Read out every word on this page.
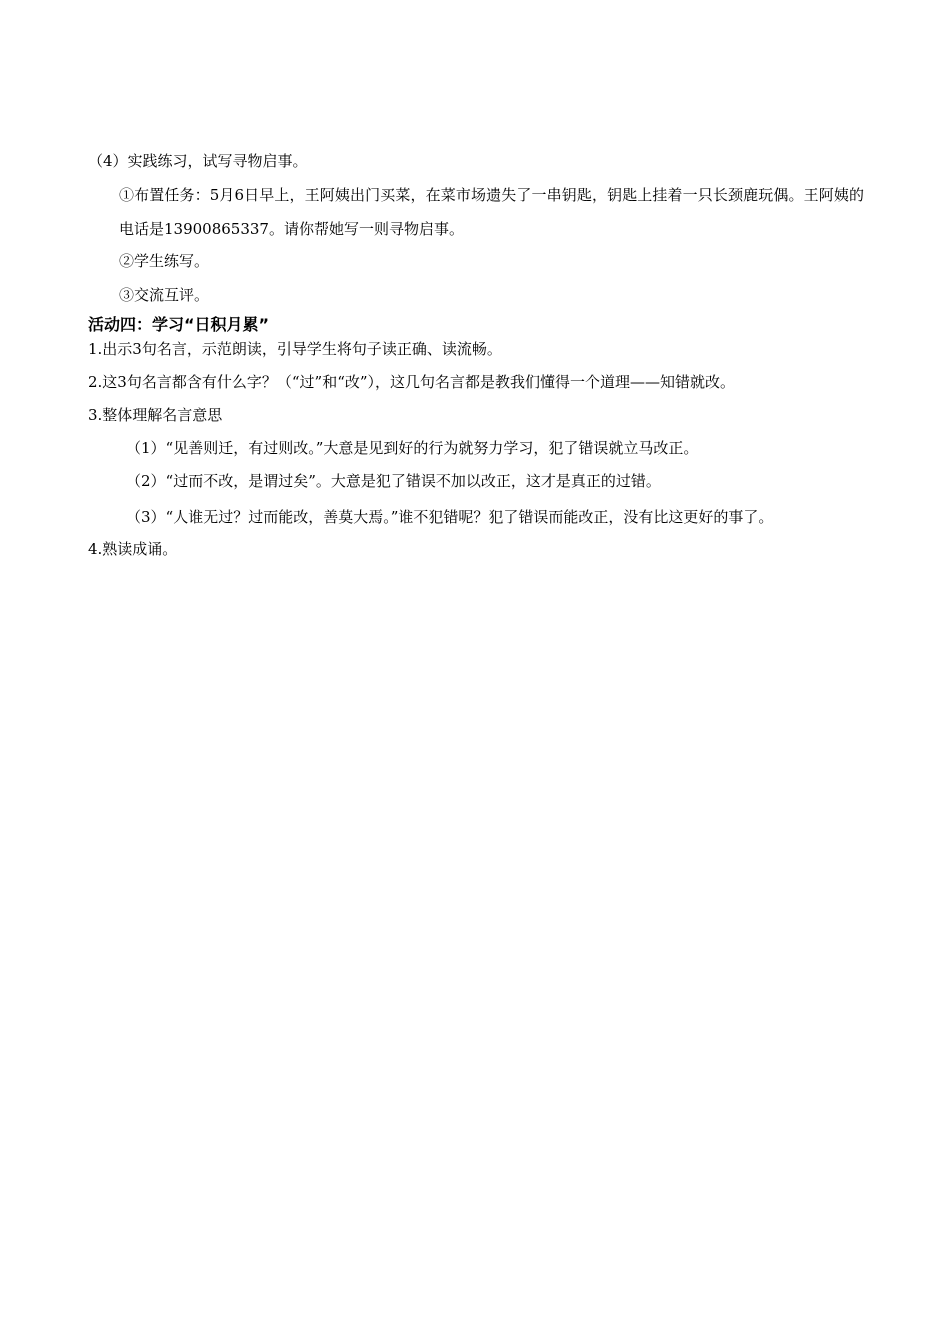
（4）实践练习，试写寻物启事。
①布置任务：5月6日早上，王阿姨出门买菜，在菜市场遗失了一串钥匙，钥匙上挂着一只长颈鹿玩偶。王阿姨的电话是13900865337。请你帮她写一则寻物启事。
②学生练写。
③交流互评。
活动四：学习“日积月累”
1.出示3句名言，示范朗读，引导学生将句子读正确、读流畅。
2.这3句名言都含有什么字？（“过”和“改”），这几句名言都是教我们懂得一个道理——知错就改。
3.整体理解名言意思
（1）“见善则迁，有过则改。”大意是见到好的行为就努力学习，犯了错误就立马改正。
（2）“过而不改，是谓过矣”。大意是犯了错误不加以改正，这才是真正的过错。
（3）“人谁无过？过而能改，善莫大焉。”谁不犯错呢？犯了错误而能改正，没有比这更好的事了。
4.熟读成诵。
